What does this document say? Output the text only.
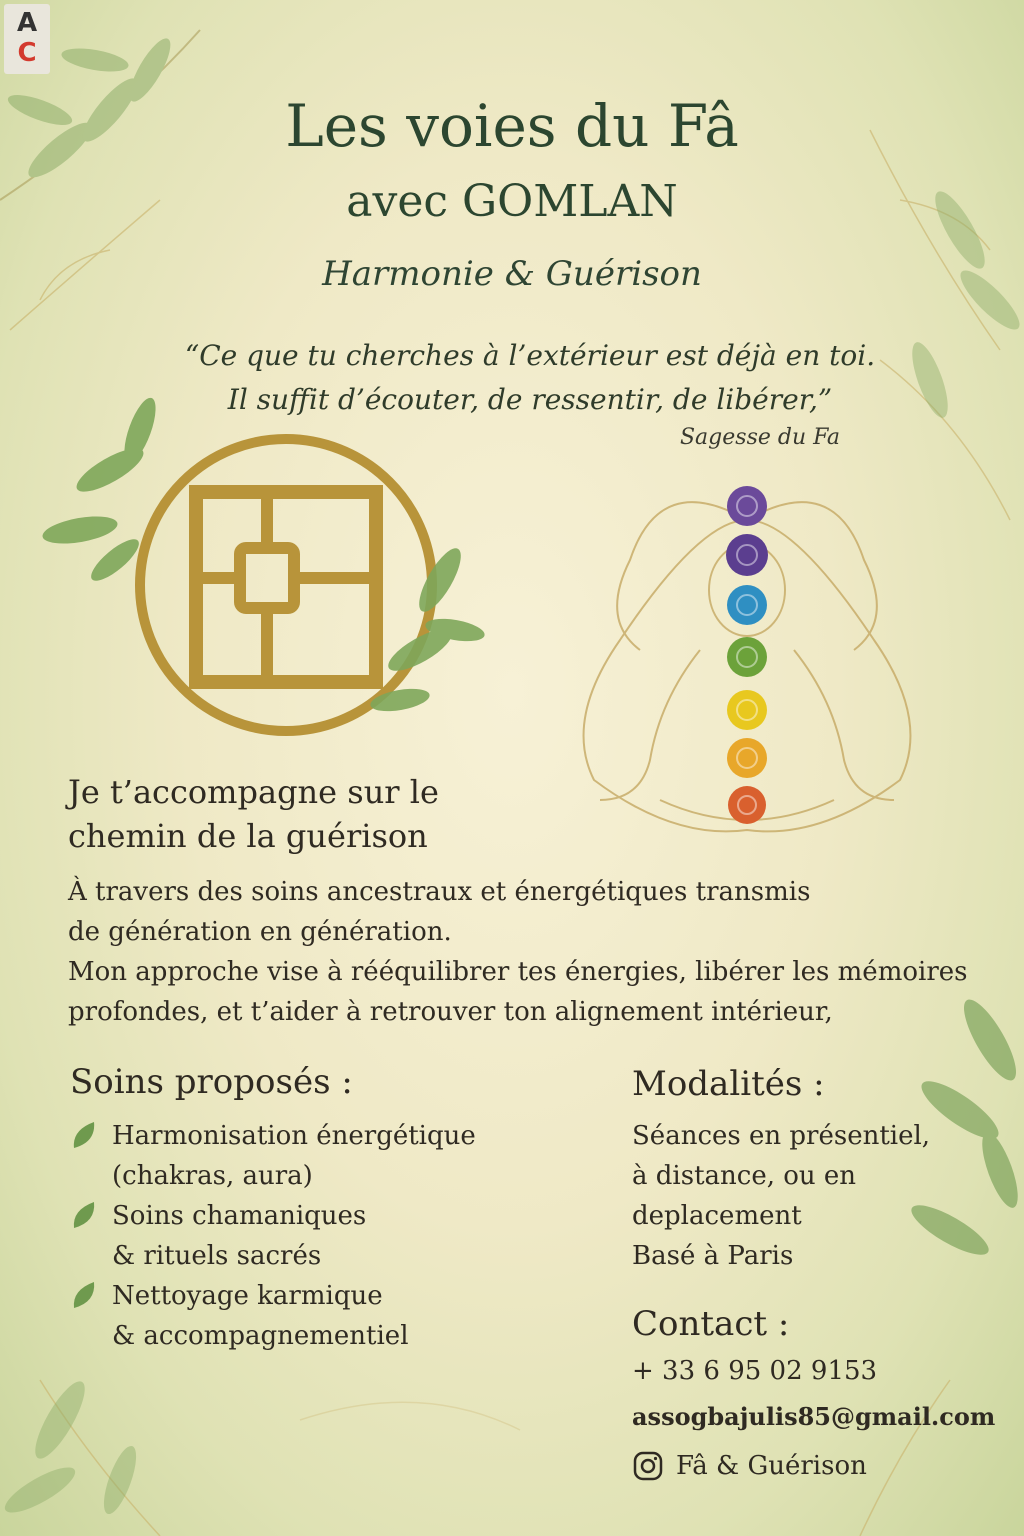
A
C
Les voies du Fâ
avec GOMLAN
Harmonie & Guérison
“Ce que tu cherches à l’extérieur est déjà en toi.
Il suffit d’écouter, de ressentir, de libérer,”
Sagesse du Fa
Je t’accompagne sur le
chemin de la guérison
À travers des soins ancestraux et énergétiques transmis
de génération en génération.
Mon approche vise à rééquilibrer tes énergies, libérer les mémoires
profondes, et t’aider à retrouver ton alignement intérieur,
Soins proposés :
Harmonisation énergétique
(chakras, aura)
Soins chamaniques
& rituels sacrés
Nettoyage karmique
& accompagnementiel
Modalités :
Séances en présentiel,
à distance, ou en
deplacement
Basé à Paris
Contact :
+ 33 6 95 02 9153
assogbajulis85@gmail.com
Fâ & Guérison
